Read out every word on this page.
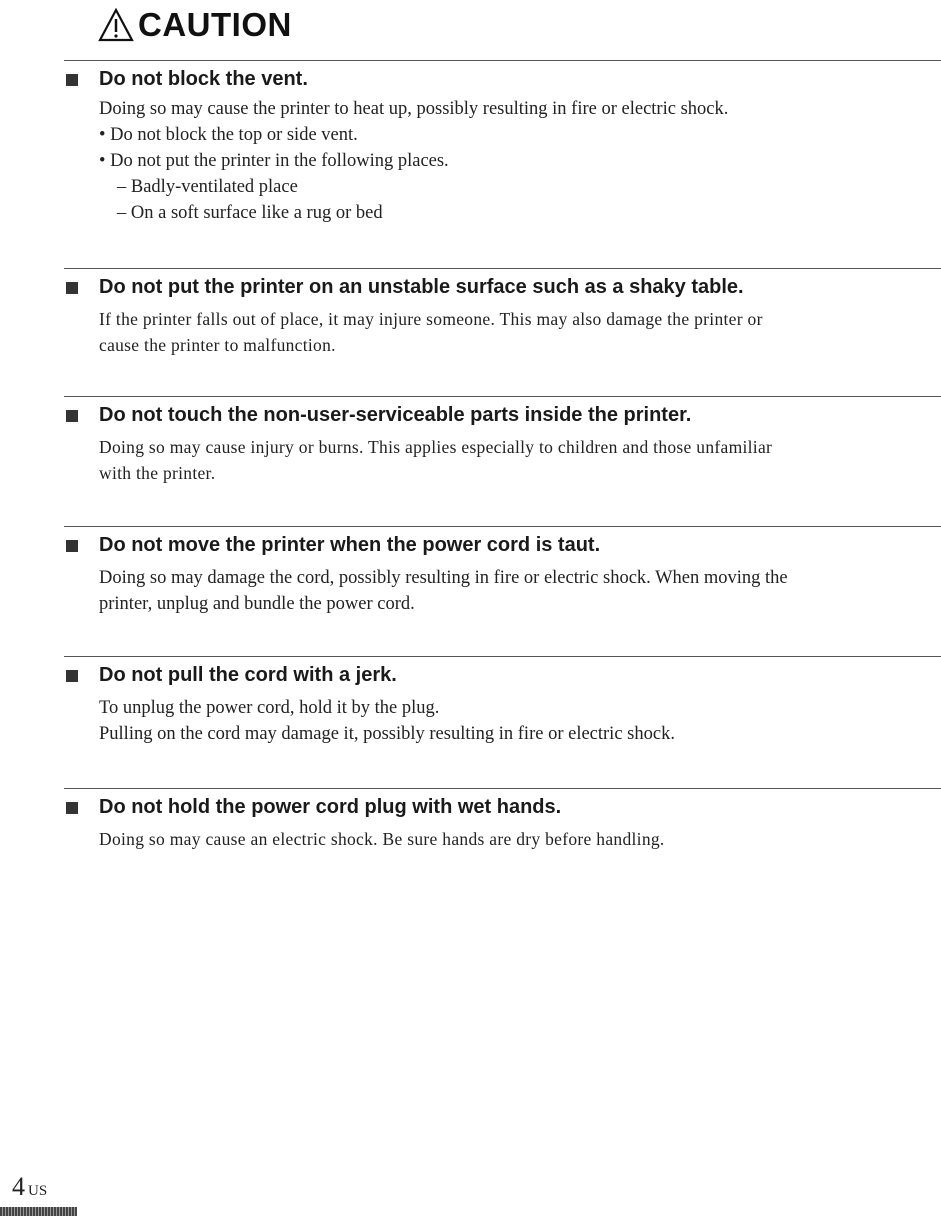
CAUTION
Do not block the vent.

Doing so may cause the printer to heat up, possibly resulting in fire or electric shock.

• Do not block the top or side vent.

• Do not put the printer in the following places.

– Badly-ventilated place

– On a soft surface like a rug or bed

Do not put the printer on an unstable surface such as a shaky table.

If the printer falls out of place, it may injure someone. This may also damage the printer or

cause the printer to malfunction.

Do not touch the non-user-serviceable parts inside the printer.

Doing so may cause injury or burns. This applies especially to children and those unfamiliar

with the printer.

Do not move the printer when the power cord is taut.

Doing so may damage the cord, possibly resulting in fire or electric shock. When moving the

printer, unplug and bundle the power cord.

Do not pull the cord with a jerk.

To unplug the power cord, hold it by the plug.

Pulling on the cord may damage it, possibly resulting in fire or electric shock.

Do not hold the power cord plug with wet hands.

Doing so may cause an electric shock. Be sure hands are dry before handling.

4 US
